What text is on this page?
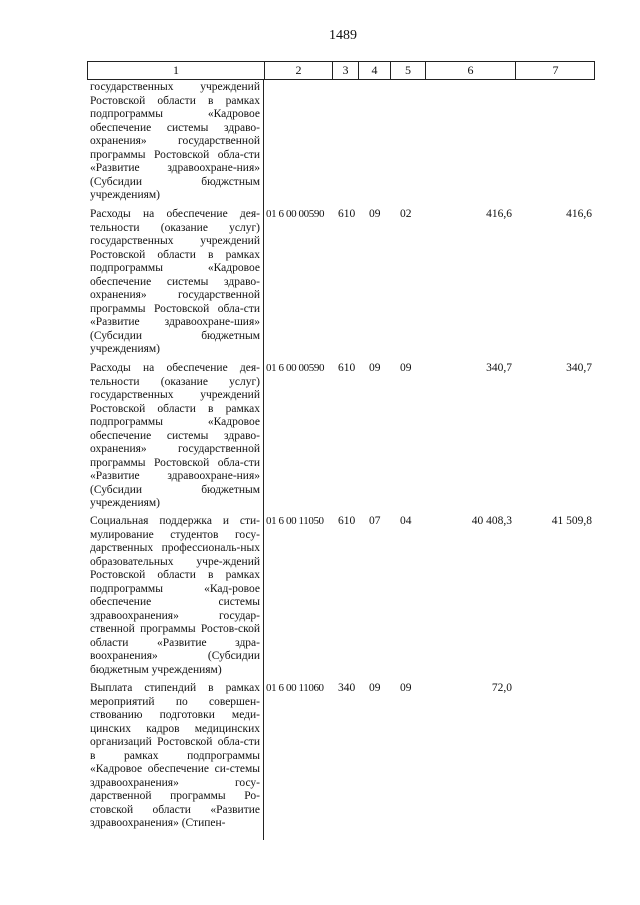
1489
1	2	3	4	5	6	7
государственных учреждений Ростовской области в рамках подпрограммы «Кадровое обеспечение системы здраво-охранения» государственной программы Ростовской обла-сти «Развитие здравоохране-ния» (Субсидии бюджстным учреждениям)
Расходы на обеспечение дея-тельности (оказание услуг) государственных учреждений Ростовской области в рамках подпрограммы «Кадровое обеспечение системы здраво-охранения» государственной программы Ростовской обла-сти «Развитие здравоохране-шия» (Субсидии бюджетным учреждениям)
01 6 00 00590	610	09	02	416,6	416,6
Расходы на обеспечение дея-тельности (оказание услуг) государственных учреждений Ростовской области в рамках подпрограммы «Кадровое обеспечение системы здраво-охранения» государственной программы Ростовской обла-сти «Развитие здравоохране-ния» (Субсидии бюджетным учреждениям)
01 6 00 00590	610	09	09	340,7	340,7
Социальная поддержка и сти-мулирование студентов госу-дарственных профессиональ-ных образовательных учре-ждений Ростовской области в рамках подпрограммы «Кад-ровое обеспечение системы здравоохранения» государ-ственной программы Ростов-ской области «Развитие здра-воохранения» (Субсидии бюджетным учреждениям)
01 6 00 11050	610	07	04	40 408,3	41 509,8
Выплата стипендий в рамках мероприятий по совершен-ствованию подготовки меди-цинских кадров медицинских организаций Ростовской обла-сти в рамках подпрограммы «Кадровое обеспечение си-стемы здравоохранения» госу-дарственной программы Ро-стовской области «Развитие здравоохранения» (Стипен-
01 6 00 11060	340	09	09	72,0
